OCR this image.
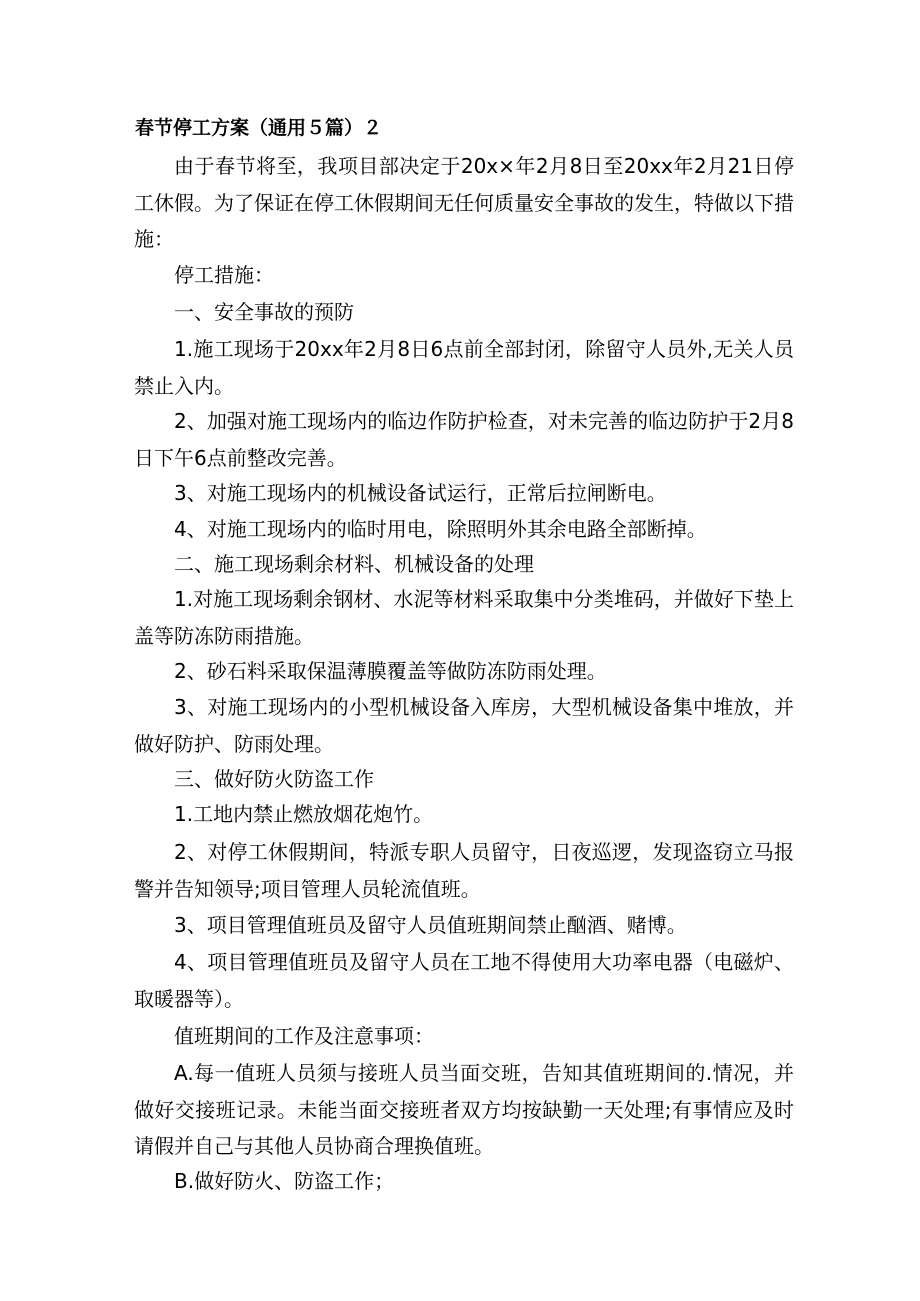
春节停工方案（通用５篇）２

由于春节将至，我项目部决定于20x×年2月8日至20xx年2月21日停工休假。为了保证在停工休假期间无任何质量安全事故的发生，特做以下措施：

停工措施：

一、安全事故的预防

1.施工现场于20xx年2月8日6点前全部封闭，除留守人员外,无关人员禁止入内。

2、加强对施工现场内的临边作防护检查，对未完善的临边防护于2月8日下午6点前整改完善。

3、对施工现场内的机械设备试运行，正常后拉闸断电。

4、对施工现场内的临时用电，除照明外其余电路全部断掉。

二、施工现场剩余材料、机械设备的处理

1.对施工现场剩余钢材、水泥等材料采取集中分类堆码，并做好下垫上盖等防冻防雨措施。

2、砂石料采取保温薄膜覆盖等做防冻防雨处理。

3、对施工现场内的小型机械设备入库房，大型机械设备集中堆放，并做好防护、防雨处理。

三、做好防火防盗工作

1.工地内禁止燃放烟花炮竹。

2、对停工休假期间，特派专职人员留守，日夜巡逻，发现盗窃立马报警并告知领导;项目管理人员轮流值班。

3、项目管理值班员及留守人员值班期间禁止酗酒、赌博。

4、项目管理值班员及留守人员在工地不得使用大功率电器（电磁炉、取暖器等）。

值班期间的工作及注意事项：

A.每一值班人员须与接班人员当面交班，告知其值班期间的.情况，并做好交接班记录。未能当面交接班者双方均按缺勤一天处理;有事情应及时请假并自己与其他人员协商合理换值班。

B.做好防火、防盗工作；
